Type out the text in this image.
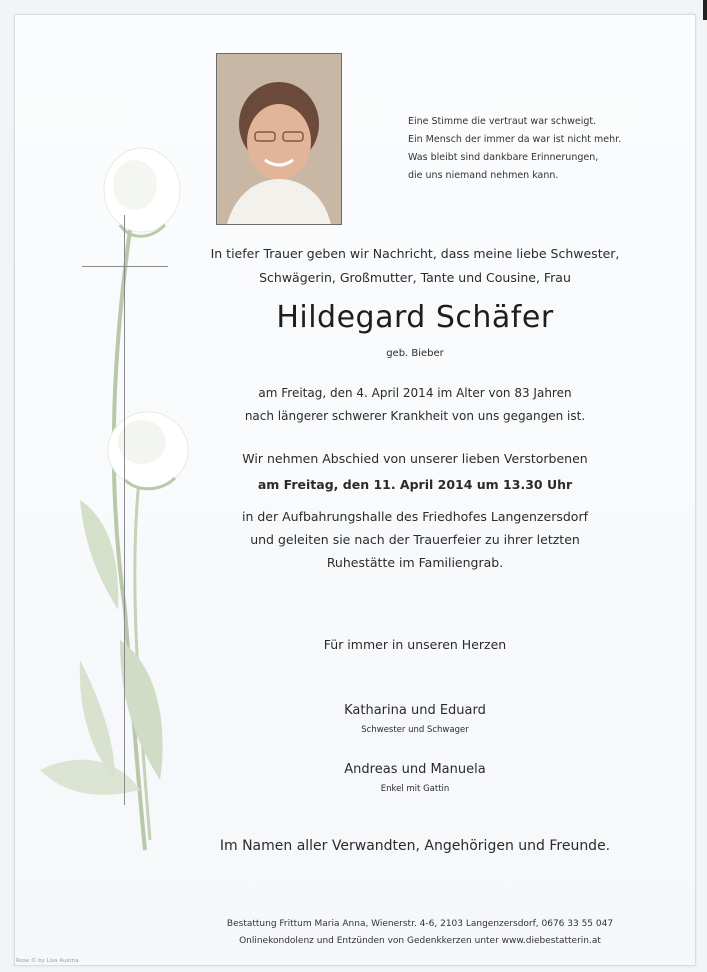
Eine Stimme die vertraut war schweigt.
Ein Mensch der immer da war ist nicht mehr.
Was bleibt sind dankbare Erinnerungen,
die uns niemand nehmen kann.
In tiefer Trauer geben wir Nachricht, dass meine liebe Schwester,
Schwägerin, Großmutter, Tante und Cousine, Frau
Hildegard Schäfer
geb. Bieber
am Freitag, den 4. April 2014 im Alter von 83 Jahren
nach längerer schwerer Krankheit von uns gegangen ist.
Wir nehmen Abschied von unserer lieben Verstorbenen
am Freitag, den 11. April 2014 um 13.30 Uhr
in der Aufbahrungshalle des Friedhofes Langenzersdorf
und geleiten sie nach der Trauerfeier zu ihrer letzten
Ruhestätte im Familiengrab.
Für immer in unseren Herzen
Katharina und Eduard
Schwester und Schwager
Andreas und Manuela
Enkel mit Gattin
Im Namen aller Verwandten, Angehörigen und Freunde.
Bestattung Frittum Maria Anna, Wienerstr. 4-6, 2103 Langenzersdorf, 0676 33 55 047
Onlinekondolenz und Entzünden von Gedenkkerzen unter www.diebestatterin.at
Rose © by Lisa Austria
